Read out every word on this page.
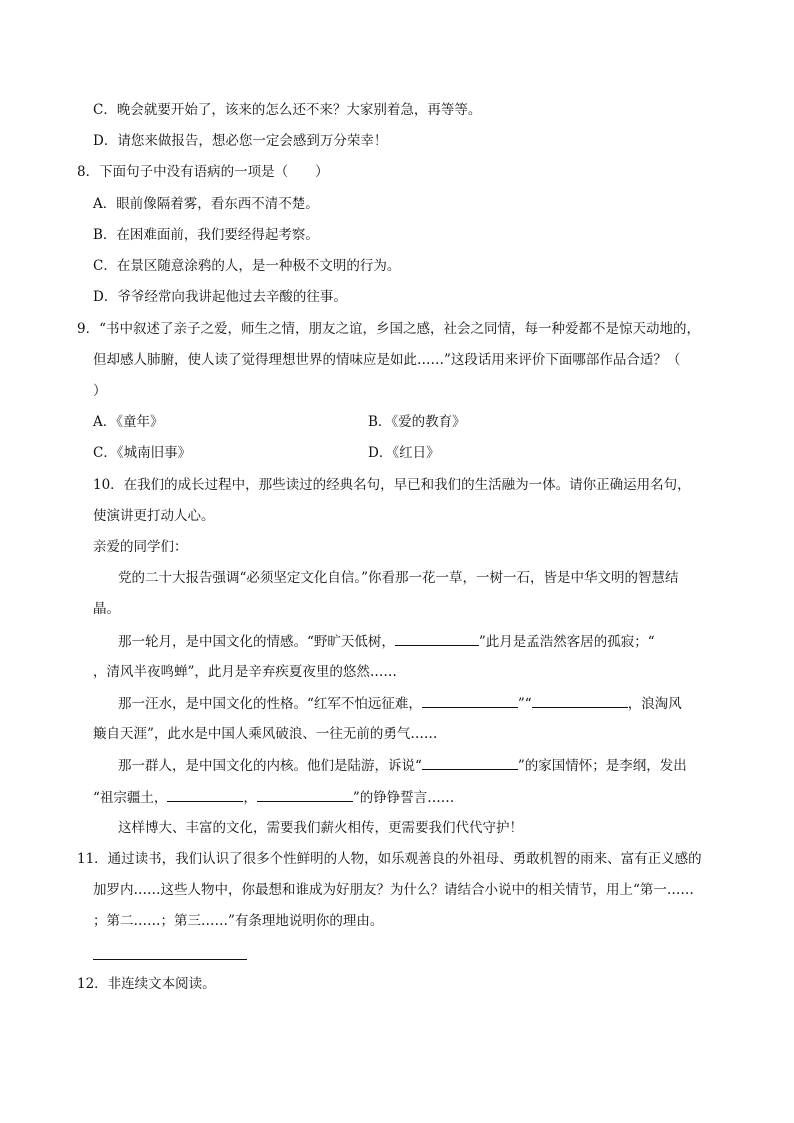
C．晚会就要开始了，该来的怎么还不来？大家别着急，再等等。
D．请您来做报告，想必您一定会感到万分荣幸！
8．下面句子中没有语病的一项是（　　）
A．眼前像隔着雾，看东西不清不楚。
B．在困难面前，我们要经得起考察。
C．在景区随意涂鸦的人，是一种极不文明的行为。
D．爷爷经常向我讲起他过去辛酸的往事。
9．“书中叙述了亲子之爱，师生之情，朋友之谊，乡国之感，社会之同情，每一种爱都不是惊天动地的，
但却感人肺腑，使人读了觉得理想世界的情味应是如此……”这段话用来评价下面哪部作品合适？（
）
A．《童年》	B．《爱的教育》
C．《城南旧事》	D．《红日》
10．在我们的成长过程中，那些读过的经典名句，早已和我们的生活融为一体。请你正确运用名句，
使演讲更打动人心。
亲爱的同学们：
党的二十大报告强调“必须坚定文化自信。”你看那一花一草，一树一石，皆是中华文明的智慧结
晶。
那一轮月，是中国文化的情感。“野旷天低树，	”此月是孟浩然客居的孤寂；“
，清风半夜鸣蝉”，此月是辛弃疾夏夜里的悠然……
那一汪水，是中国文化的性格。“红军不怕远征难，	”“	，浪淘风
簸自天涯”，此水是中国人乘风破浪、一往无前的勇气……
那一群人，是中国文化的内核。他们是陆游，诉说“	”的家国情怀；是李纲，发出
“祖宗疆土，	，	”的铮铮誓言……
这样博大、丰富的文化，需要我们薪火相传，更需要我们代代守护！
11．通过读书，我们认识了很多个性鲜明的人物，如乐观善良的外祖母、勇敢机智的雨来、富有正义感的
加罗内……这些人物中，你最想和谁成为好朋友？为什么？请结合小说中的相关情节，用上“第一……
；第二……；第三……”有条理地说明你的理由。
12．非连续文本阅读。
